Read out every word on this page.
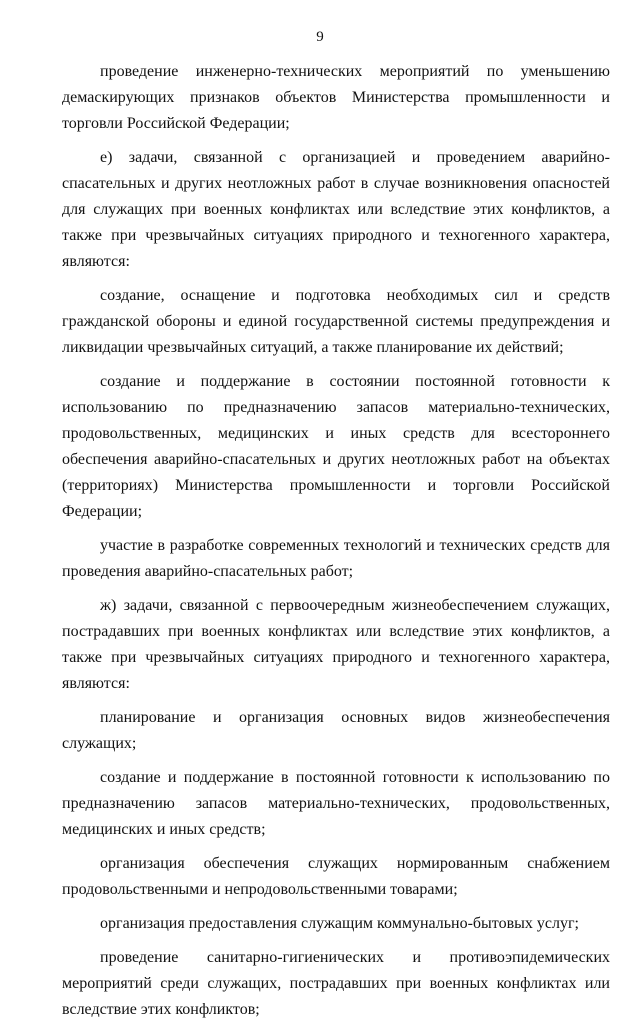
9

проведение инженерно-технических мероприятий по уменьшению демаскирующих признаков объектов Министерства промышленности и торговли Российской Федерации;

е) задачи, связанной с организацией и проведением аварийно-спасательных и других неотложных работ в случае возникновения опасностей для служащих при военных конфликтах или вследствие этих конфликтов, а также при чрезвычайных ситуациях природного и техногенного характера, являются:

создание, оснащение и подготовка необходимых сил и средств гражданской обороны и единой государственной системы предупреждения и ликвидации чрезвычайных ситуаций, а также планирование их действий;

создание и поддержание в состоянии постоянной готовности к использованию по предназначению запасов материально-технических, продовольственных, медицинских и иных средств для всестороннего обеспечения аварийно-спасательных и других неотложных работ на объектах (территориях) Министерства промышленности и торговли Российской Федерации;

участие в разработке современных технологий и технических средств для проведения аварийно-спасательных работ;

ж) задачи, связанной с первоочередным жизнеобеспечением служащих, пострадавших при военных конфликтах или вследствие этих конфликтов, а также при чрезвычайных ситуациях природного и техногенного характера, являются:

планирование и организация основных видов жизнеобеспечения служащих;

создание и поддержание в постоянной готовности к использованию по предназначению запасов материально-технических, продовольственных, медицинских и иных средств;

организация обеспечения служащих нормированным снабжением продовольственными и непродовольственными товарами;

организация предоставления служащим коммунально-бытовых услуг;

проведение санитарно-гигиенических и противоэпидемических мероприятий среди служащих, пострадавших при военных конфликтах или вследствие этих конфликтов;
